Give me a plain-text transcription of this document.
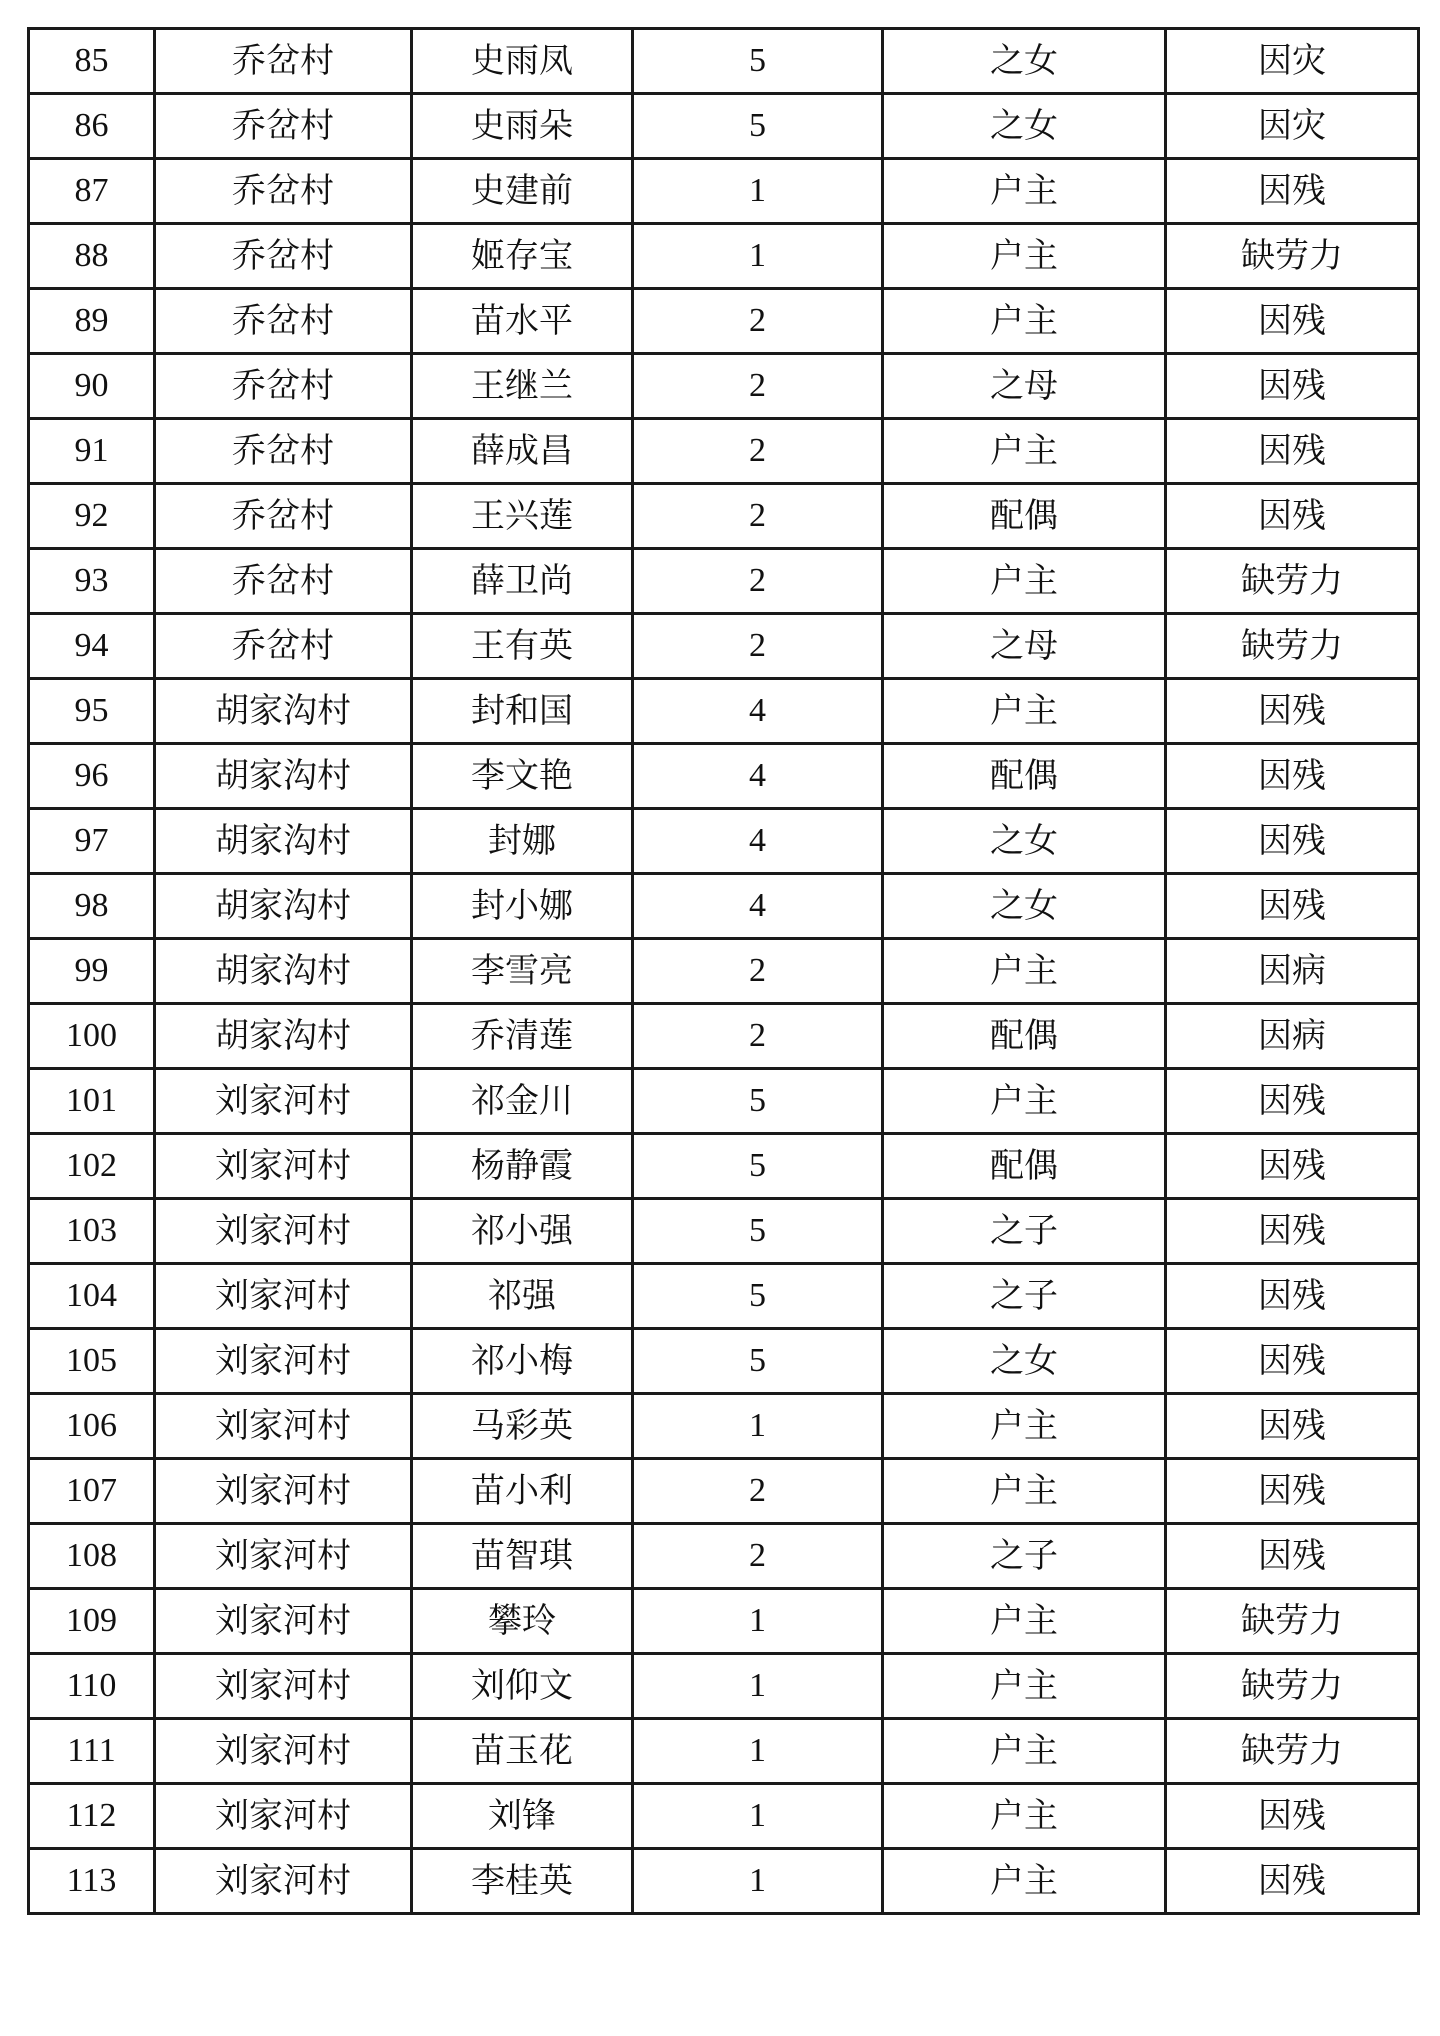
85	乔岔村	史雨凤	5	之女	因灾
86	乔岔村	史雨朵	5	之女	因灾
87	乔岔村	史建前	1	户主	因残
88	乔岔村	姬存宝	1	户主	缺劳力
89	乔岔村	苗水平	2	户主	因残
90	乔岔村	王继兰	2	之母	因残
91	乔岔村	薛成昌	2	户主	因残
92	乔岔村	王兴莲	2	配偶	因残
93	乔岔村	薛卫尚	2	户主	缺劳力
94	乔岔村	王有英	2	之母	缺劳力
95	胡家沟村	封和国	4	户主	因残
96	胡家沟村	李文艳	4	配偶	因残
97	胡家沟村	封娜	4	之女	因残
98	胡家沟村	封小娜	4	之女	因残
99	胡家沟村	李雪亮	2	户主	因病
100	胡家沟村	乔清莲	2	配偶	因病
101	刘家河村	祁金川	5	户主	因残
102	刘家河村	杨静霞	5	配偶	因残
103	刘家河村	祁小强	5	之子	因残
104	刘家河村	祁强	5	之子	因残
105	刘家河村	祁小梅	5	之女	因残
106	刘家河村	马彩英	1	户主	因残
107	刘家河村	苗小利	2	户主	因残
108	刘家河村	苗智琪	2	之子	因残
109	刘家河村	攀玲	1	户主	缺劳力
110	刘家河村	刘仰文	1	户主	缺劳力
111	刘家河村	苗玉花	1	户主	缺劳力
112	刘家河村	刘锋	1	户主	因残
113	刘家河村	李桂英	1	户主	因残
